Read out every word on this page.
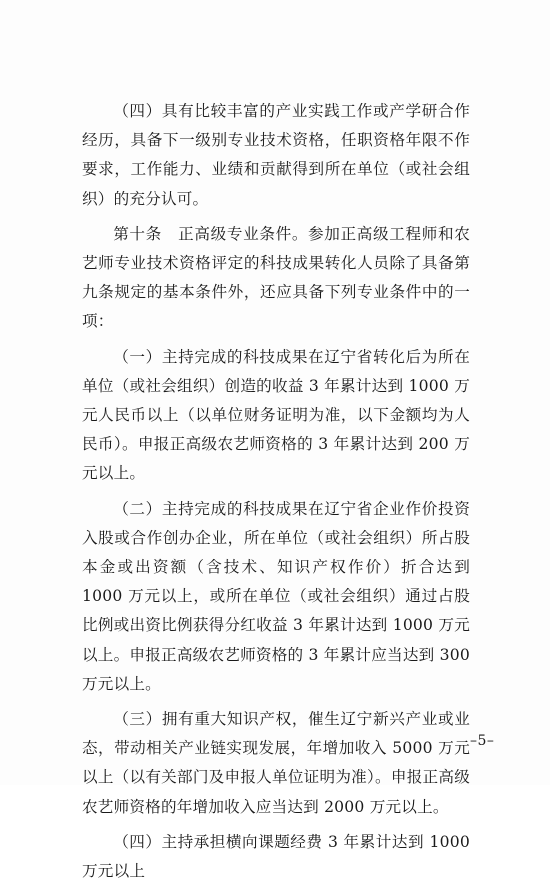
（四）具有比较丰富的产业实践工作或产学研合作经历，具备下一级别专业技术资格，任职资格年限不作要求，工作能力、业绩和贡献得到所在单位（或社会组织）的充分认可。

第十条　正高级专业条件。参加正高级工程师和农艺师专业技术资格评定的科技成果转化人员除了具备第九条规定的基本条件外，还应具备下列专业条件中的一项：

（一）主持完成的科技成果在辽宁省转化后为所在单位（或社会组织）创造的收益 3 年累计达到 1000 万元人民币以上（以单位财务证明为准，以下金额均为人民币）。申报正高级农艺师资格的 3 年累计达到 200 万元以上。

（二）主持完成的科技成果在辽宁省企业作价投资入股或合作创办企业，所在单位（或社会组织）所占股本金或出资额（含技术、知识产权作价）折合达到 1000 万元以上，或所在单位（或社会组织）通过占股比例或出资比例获得分红收益 3 年累计达到 1000 万元以上。申报正高级农艺师资格的 3 年累计应当达到 300 万元以上。

（三）拥有重大知识产权，催生辽宁新兴产业或业态，带动相关产业链实现发展，年增加收入 5000 万元以上（以有关部门及申报人单位证明为准）。申报正高级农艺师资格的年增加收入应当达到 2000 万元以上。

（四）主持承担横向课题经费 3 年累计达到 1000 万元以上

–5–
